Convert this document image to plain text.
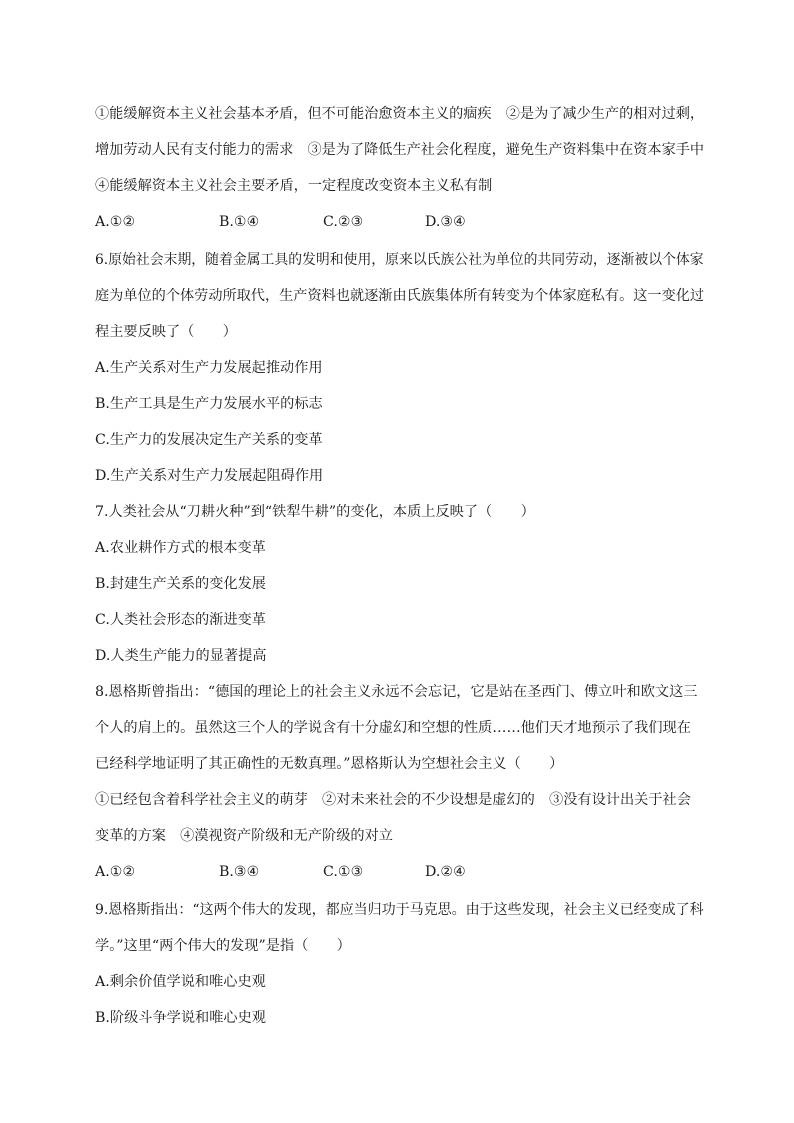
①能缓解资本主义社会基本矛盾，但不可能治愈资本主义的痼疾　②是为了减少生产的相对过剩，
增加劳动人民有支付能力的需求　③是为了降低生产社会化程度，避免生产资料集中在资本家手中
④能缓解资本主义社会主要矛盾，一定程度改变资本主义私有制
A.①②	B.①④	C.②③	D.③④
6.原始社会末期，随着金属工具的发明和使用，原来以氏族公社为单位的共同劳动，逐渐被以个体家
庭为单位的个体劳动所取代，生产资料也就逐渐由氏族集体所有转变为个体家庭私有。这一变化过
程主要反映了（　　）
A.生产关系对生产力发展起推动作用
B.生产工具是生产力发展水平的标志
C.生产力的发展决定生产关系的变革
D.生产关系对生产力发展起阻碍作用
7.人类社会从“刀耕火种”到“铁犁牛耕”的变化，本质上反映了（　　）
A.农业耕作方式的根本变革
B.封建生产关系的变化发展
C.人类社会形态的渐进变革
D.人类生产能力的显著提高
8.恩格斯曾指出：“德国的理论上的社会主义永远不会忘记，它是站在圣西门、傅立叶和欧文这三
个人的肩上的。虽然这三个人的学说含有十分虚幻和空想的性质……他们天才地预示了我们现在
已经科学地证明了其正确性的无数真理。”恩格斯认为空想社会主义（　　）
①已经包含着科学社会主义的萌芽　②对未来社会的不少设想是虚幻的　③没有设计出关于社会
变革的方案　④漠视资产阶级和无产阶级的对立
A.①②	B.③④	C.①③	D.②④
9.恩格斯指出：“这两个伟大的发现，都应当归功于马克思。由于这些发现，社会主义已经变成了科
学。”这里“两个伟大的发现”是指（　　）
A.剩余价值学说和唯心史观
B.阶级斗争学说和唯心史观
